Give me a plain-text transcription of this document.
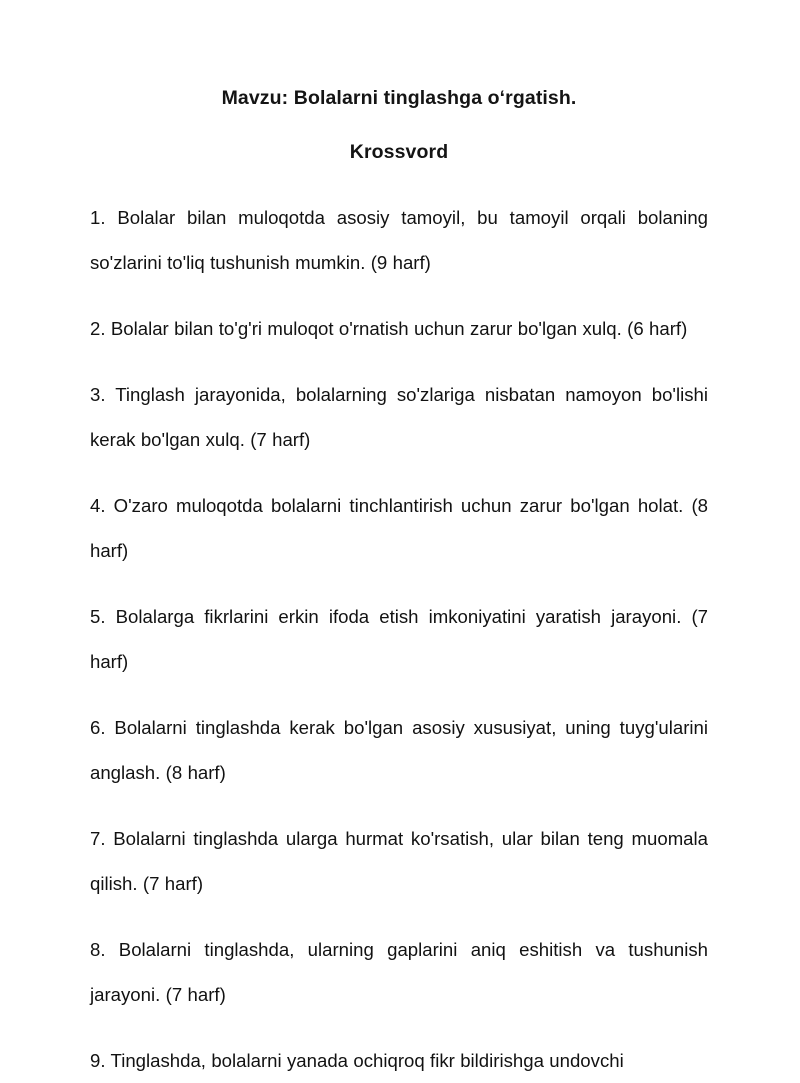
Mavzu: Bolalarni tinglashga o‘rgatish.
Krossvord
1. Bolalar bilan muloqotda asosiy tamoyil, bu tamoyil orqali bolaning so'zlarini to'liq tushunish mumkin. (9 harf)
2. Bolalar bilan to'g'ri muloqot o'rnatish uchun zarur bo'lgan xulq. (6 harf)
3. Tinglash jarayonida, bolalarning so'zlariga nisbatan namoyon bo'lishi kerak bo'lgan xulq. (7 harf)
4. O'zaro muloqotda bolalarni tinchlantirish uchun zarur bo'lgan holat. (8 harf)
5. Bolalarga fikrlarini erkin ifoda etish imkoniyatini yaratish jarayoni. (7 harf)
6. Bolalarni tinglashda kerak bo'lgan asosiy xususiyat, uning tuyg'ularini anglash. (8 harf)
7. Bolalarni tinglashda ularga hurmat ko'rsatish, ular bilan teng muomala qilish. (7 harf)
8. Bolalarni tinglashda, ularning gaplarini aniq eshitish va tushunish jarayoni. (7 harf)
9. Tinglashda, bolalarni yanada ochiqroq fikr bildirishga undovchi
